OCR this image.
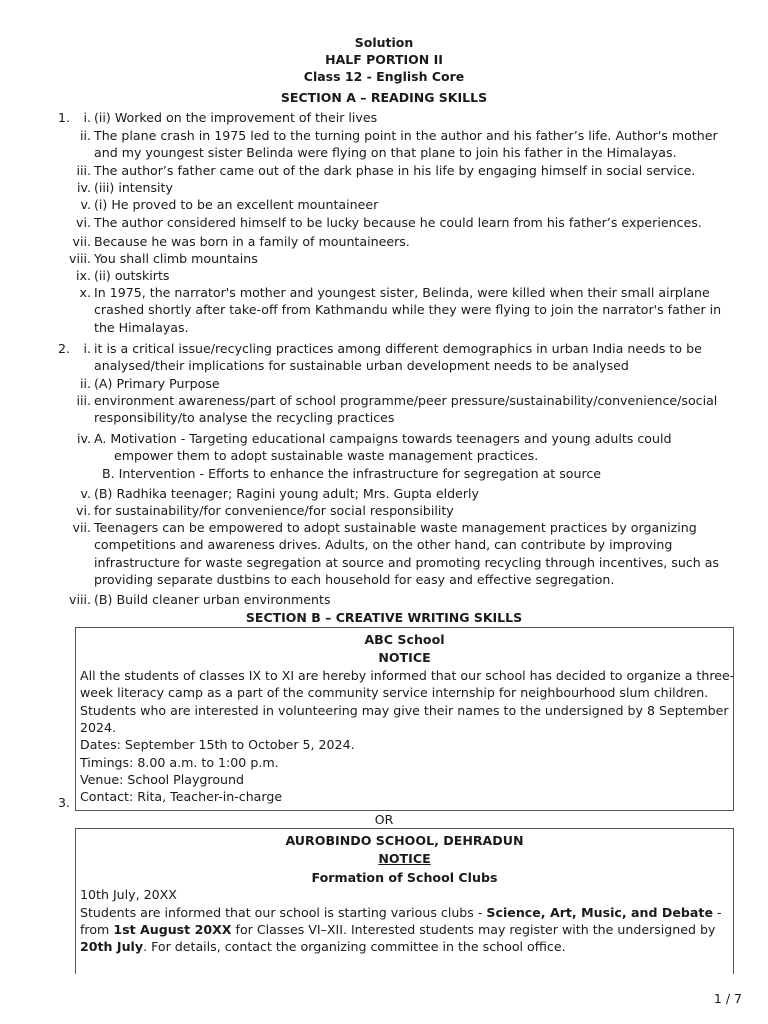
Solution
HALF PORTION II
Class 12 - English Core
SECTION A – READING SKILLS
1.	i. (ii) Worked on the improvement of their lives
ii. The plane crash in 1975 led to the turning point in the author and his father’s life. Author's mother
and my youngest sister Belinda were flying on that plane to join his father in the Himalayas.
iii. The author’s father came out of the dark phase in his life by engaging himself in social service.
iv. (iii) intensity
v. (i) He proved to be an excellent mountaineer
vi. The author considered himself to be lucky because he could learn from his father’s experiences.
vii. Because he was born in a family of mountaineers.
viii. You shall climb mountains
ix. (ii) outskirts
x. In 1975, the narrator's mother and youngest sister, Belinda, were killed when their small airplane
crashed shortly after take-off from Kathmandu while they were flying to join the narrator's father in
the Himalayas.
2.	i. it is a critical issue/recycling practices among different demographics in urban India needs to be
analysed/their implications for sustainable urban development needs to be analysed
ii. (A) Primary Purpose
iii. environment awareness/part of school programme/peer pressure/sustainability/convenience/social
responsibility/to analyse the recycling practices
iv. A. Motivation - Targeting educational campaigns towards teenagers and young adults could
empower them to adopt sustainable waste management practices.
B. Intervention - Efforts to enhance the infrastructure for segregation at source
v. (B) Radhika teenager; Ragini young adult; Mrs. Gupta elderly
vi. for sustainability/for convenience/for social responsibility
vii. Teenagers can be empowered to adopt sustainable waste management practices by organizing
competitions and awareness drives. Adults, on the other hand, can contribute by improving
infrastructure for waste segregation at source and promoting recycling through incentives, such as
providing separate dustbins to each household for easy and effective segregation.
viii. (B) Build cleaner urban environments
SECTION B – CREATIVE WRITING SKILLS
ABC School
NOTICE
All the students of classes IX to XI are hereby informed that our school has decided to organize a three-
week literacy camp as a part of the community service internship for neighbourhood slum children.
Students who are interested in volunteering may give their names to the undersigned by 8 September
2024.
Dates: September 15th to October 5, 2024.
Timings: 8.00 a.m. to 1:00 p.m.
Venue: School Playground
Contact: Rita, Teacher-in-charge
3.
OR
AUROBINDO SCHOOL, DEHRADUN
NOTICE
Formation of School Clubs
10th July, 20XX
Students are informed that our school is starting various clubs - Science, Art, Music, and Debate -
from 1st August 20XX for Classes VI–XII. Interested students may register with the undersigned by
20th July. For details, contact the organizing committee in the school office.
1 / 7
